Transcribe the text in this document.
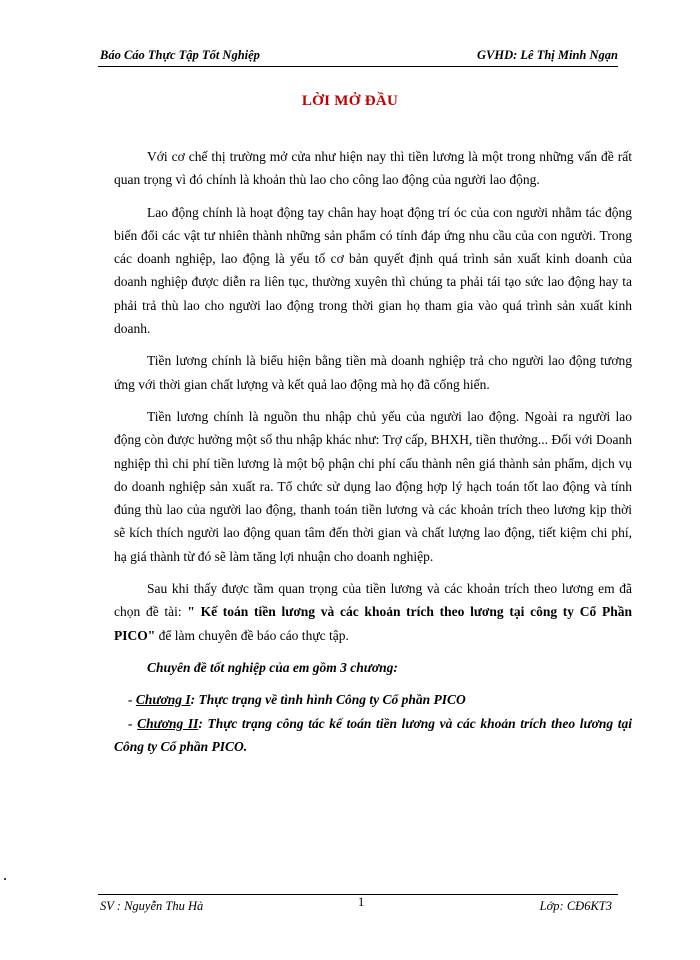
Báo Cáo Thực Tập Tốt Nghiệp	GVHD: Lê Thị Minh Ngạn
LỜI MỞ ĐẦU

Với cơ chế thị trường mở cửa như hiện nay thì tiền lương là một trong những vấn đề rất quan trọng vì đó chính là khoản thù lao cho công lao động của người lao động.

Lao động chính là hoạt động tay chân hay hoạt động trí óc của con người nhằm tác động biến đổi các vật tư nhiên thành những sản phẩm có tính đáp ứng nhu cầu của con người. Trong các doanh nghiệp, lao động là yếu tố cơ bản quyết định quá trình sản xuất kinh doanh của doanh nghiệp được diễn ra liên tục, thường xuyên thì chúng ta phải tái tạo sức lao động hay ta phải trả thù lao cho người lao động trong thời gian họ tham gia vào quá trình sản xuất kinh doanh.

Tiền lương chính là biểu hiện bằng tiền mà doanh nghiệp trả cho người lao động tương ứng với thời gian chất lượng và kết quả lao động mà họ đã cống hiến.

Tiền lương chính là nguồn thu nhập chủ yếu của người lao động. Ngoài ra người lao động còn được hưởng một số thu nhập khác như: Trợ cấp, BHXH, tiền thưởng... Đối với Doanh nghiệp thì chi phí tiền lương là một bộ phận chi phí cấu thành nên giá thành sản phẩm, dịch vụ do doanh nghiệp sản xuất ra. Tổ chức sử dụng lao động hợp lý hạch toán tốt lao động và tính đúng thù lao của người lao động, thanh toán tiền lương và các khoản trích theo lương kịp thời sẽ kích thích người lao động quan tâm đến thời gian và chất lượng lao động, tiết kiệm chi phí, hạ giá thành từ đó sẽ làm tăng lợi nhuận cho doanh nghiệp.

Sau khi thấy được tầm quan trọng của tiền lương và các khoản trích theo lương em đã chọn đề tài: " Kế toán tiền lương và các khoản trích theo lương tại công ty Cổ Phần PICO" để làm chuyên đề báo cáo thực tập.

Chuyên đề tốt nghiệp của em gồm 3 chương:

- Chương I: Thực trạng về tình hình Công ty Cổ phần PICO

- Chương II: Thực trạng công tác kế toán tiền lương và các khoản trích theo lương tại Công ty Cổ phần PICO.

SV : Nguyễn Thu Hà	1	Lớp: CĐ6KT3
